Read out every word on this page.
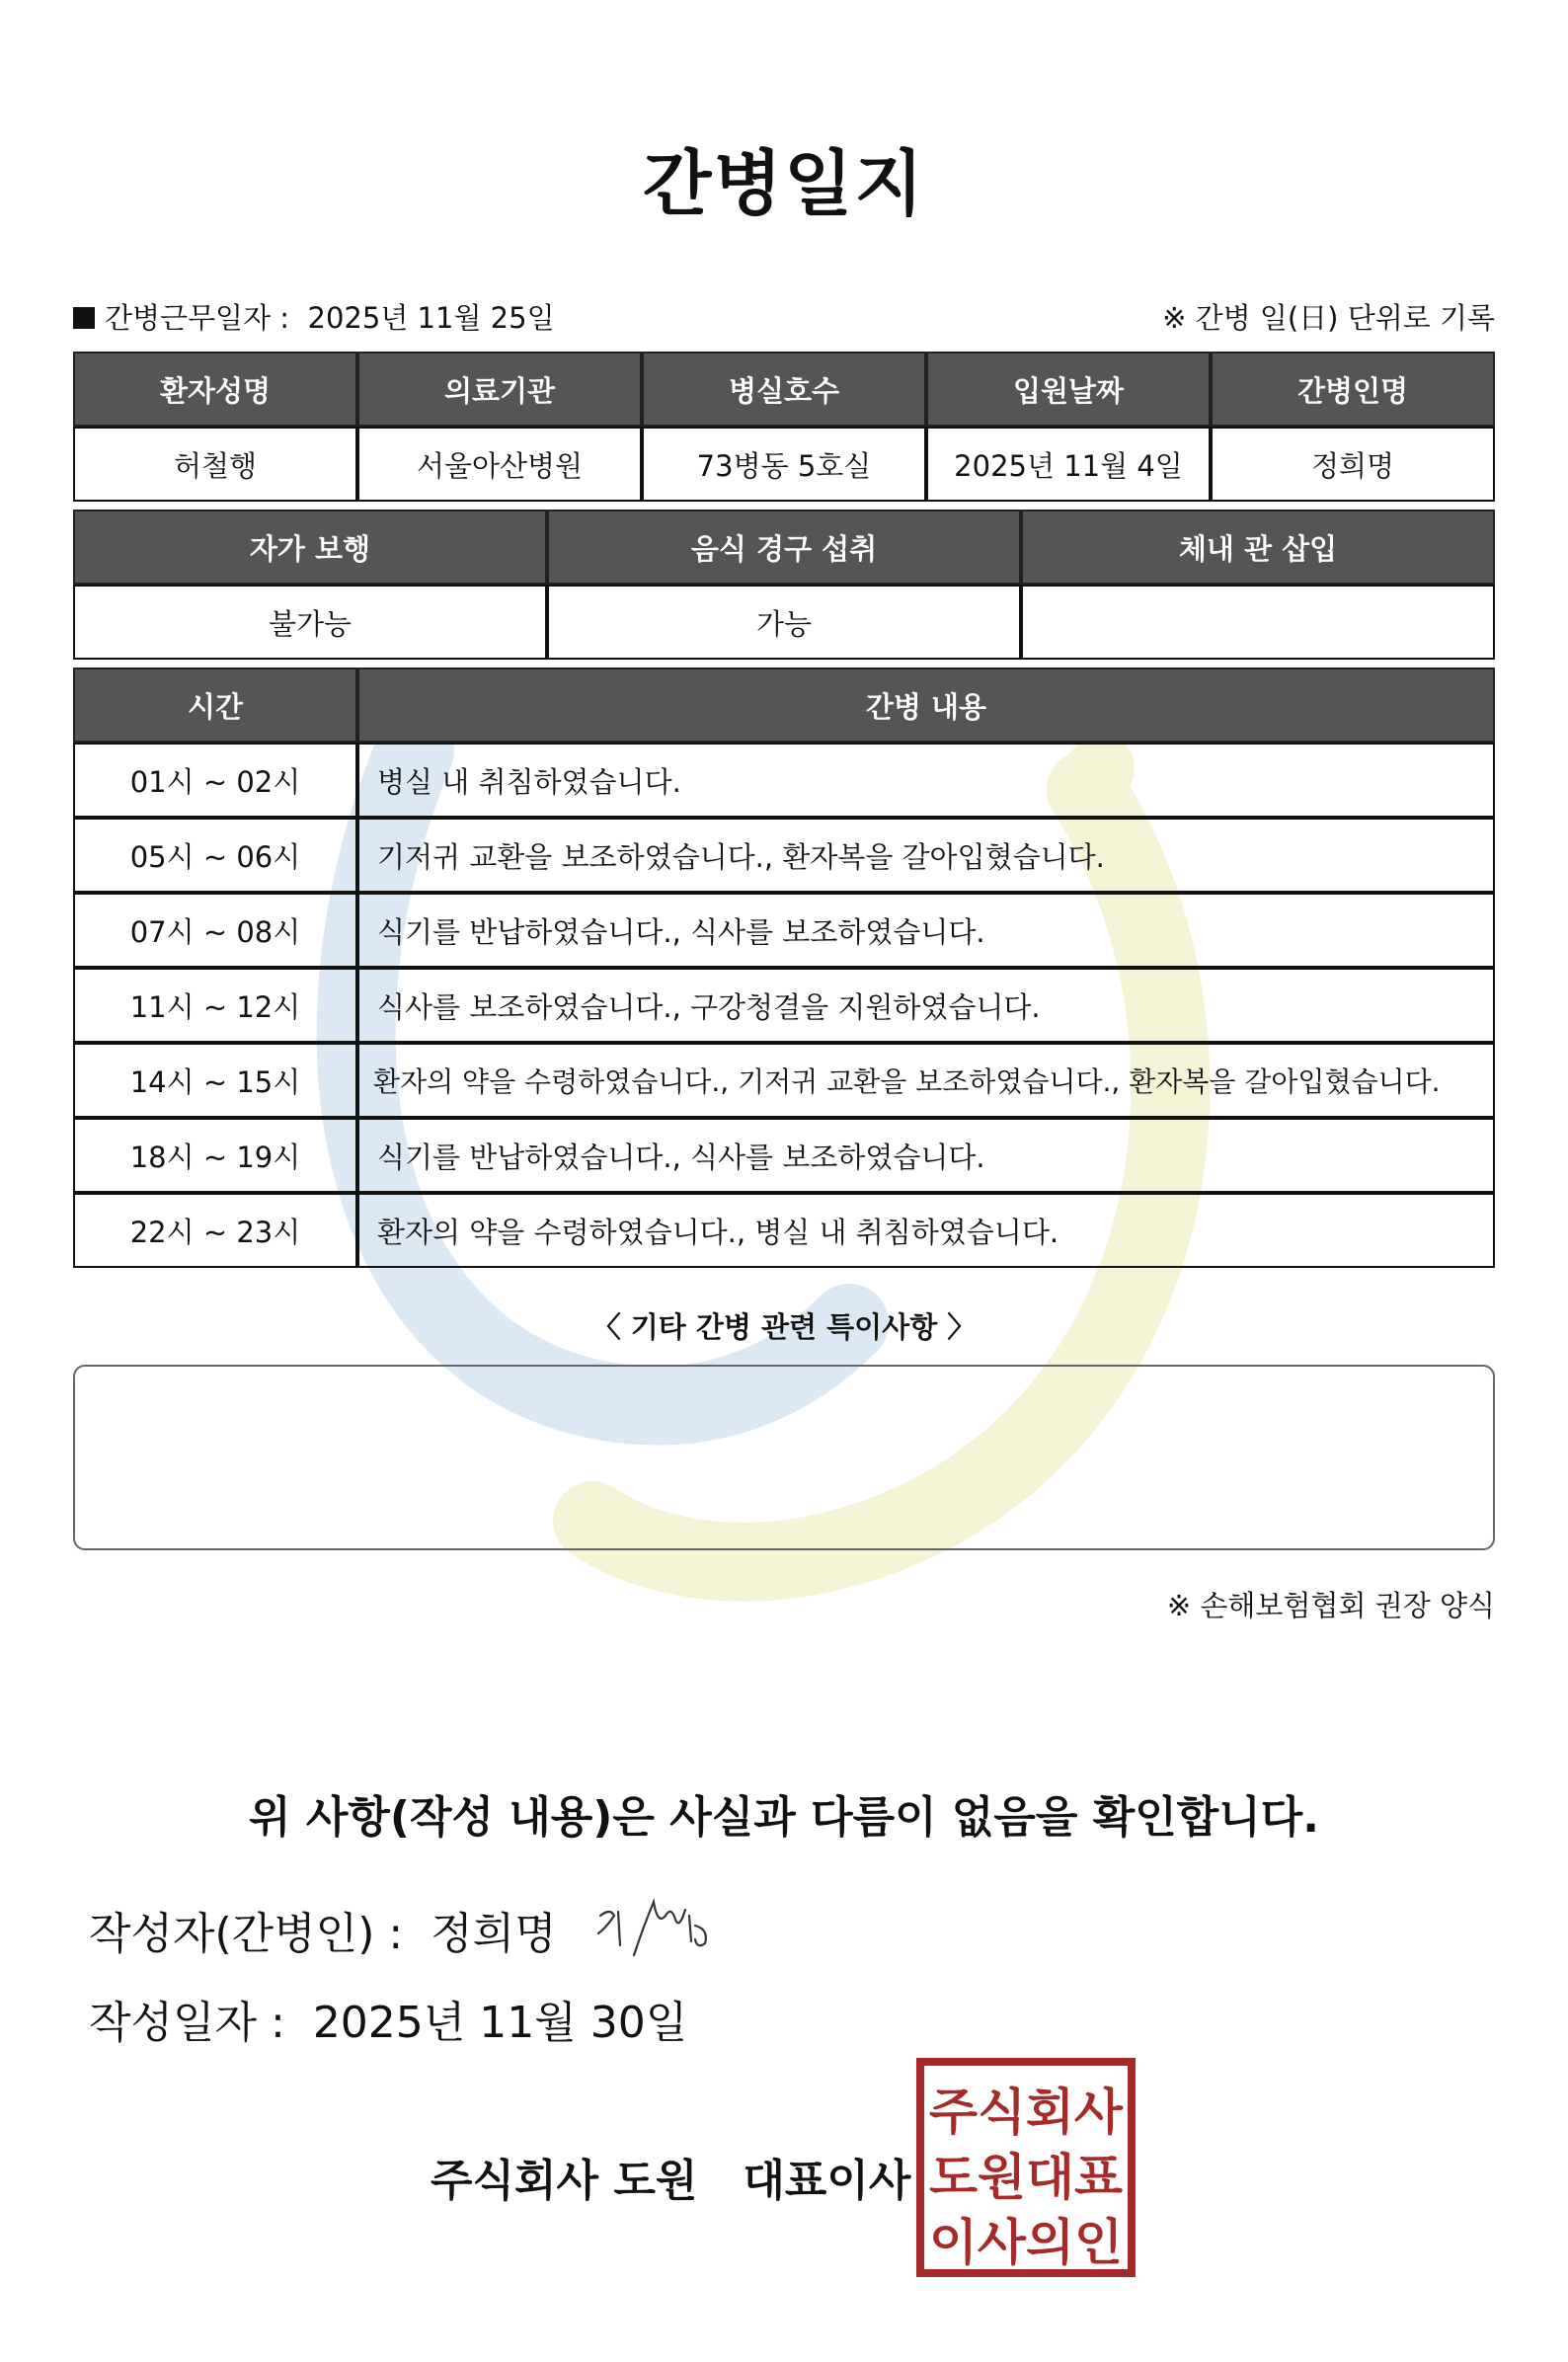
간병일지
간병근무일자 : 2025년 11월 25일	※ 간병 일(日) 단위로 기록
환자성명	의료기관	병실호수	입원날짜	간병인명
허철행	서울아산병원	73병동 5호실	2025년 11월 4일	정희명
자가 보행	음식 경구 섭취	체내 관 삽입
불가능	가능	
시간	간병 내용
01시 ~ 02시	병실 내 취침하였습니다.
05시 ~ 06시	기저귀 교환을 보조하였습니다., 환자복을 갈아입혔습니다.
07시 ~ 08시	식기를 반납하였습니다., 식사를 보조하였습니다.
11시 ~ 12시	식사를 보조하였습니다., 구강청결을 지원하였습니다.
14시 ~ 15시	환자의 약을 수령하였습니다., 기저귀 교환을 보조하였습니다., 환자복을 갈아입혔습니다.
18시 ~ 19시	식기를 반납하였습니다., 식사를 보조하였습니다.
22시 ~ 23시	환자의 약을 수령하였습니다., 병실 내 취침하였습니다.
〈 기타 간병 관련 특이사항 〉
※ 손해보험협회 권장 양식
위 사항(작성 내용)은 사실과 다름이 없음을 확인합니다.
작성자(간병인) : 정희명
작성일자 : 2025년 11월 30일
주식회사 도원 대표이사
주식회사
도원대표
이사의인
